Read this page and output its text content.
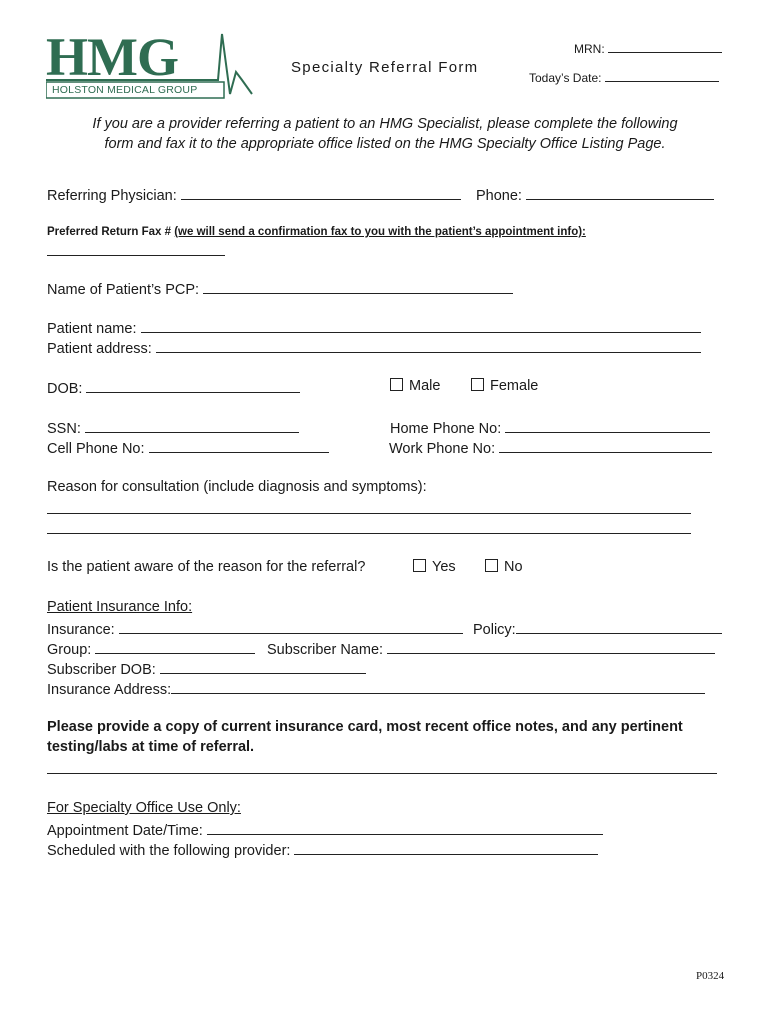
HMG
HOLSTON MEDICAL GROUP
Specialty Referral Form
MRN:
Today’s Date:
If you are a provider referring a patient to an HMG Specialist, please complete the following
form and fax it to the appropriate office listed on the HMG Specialty Office Listing Page.
Referring Physician:	Phone:
Preferred Return Fax # (we will send a confirmation fax to you with the patient’s appointment info):
Name of Patient’s PCP:
Patient name:
Patient address:
DOB:	Male	Female
SSN:	Home Phone No:
Cell Phone No:	Work Phone No:
Reason for consultation (include diagnosis and symptoms):
Is the patient aware of the reason for the referral?	Yes	No
Patient Insurance Info:
Insurance:	Policy:
Group:	Subscriber Name:
Subscriber DOB:
Insurance Address:
Please provide a copy of current insurance card, most recent office notes, and any pertinent
testing/labs at time of referral.
For Specialty Office Use Only:
Appointment Date/Time:
Scheduled with the following provider:
P0324
